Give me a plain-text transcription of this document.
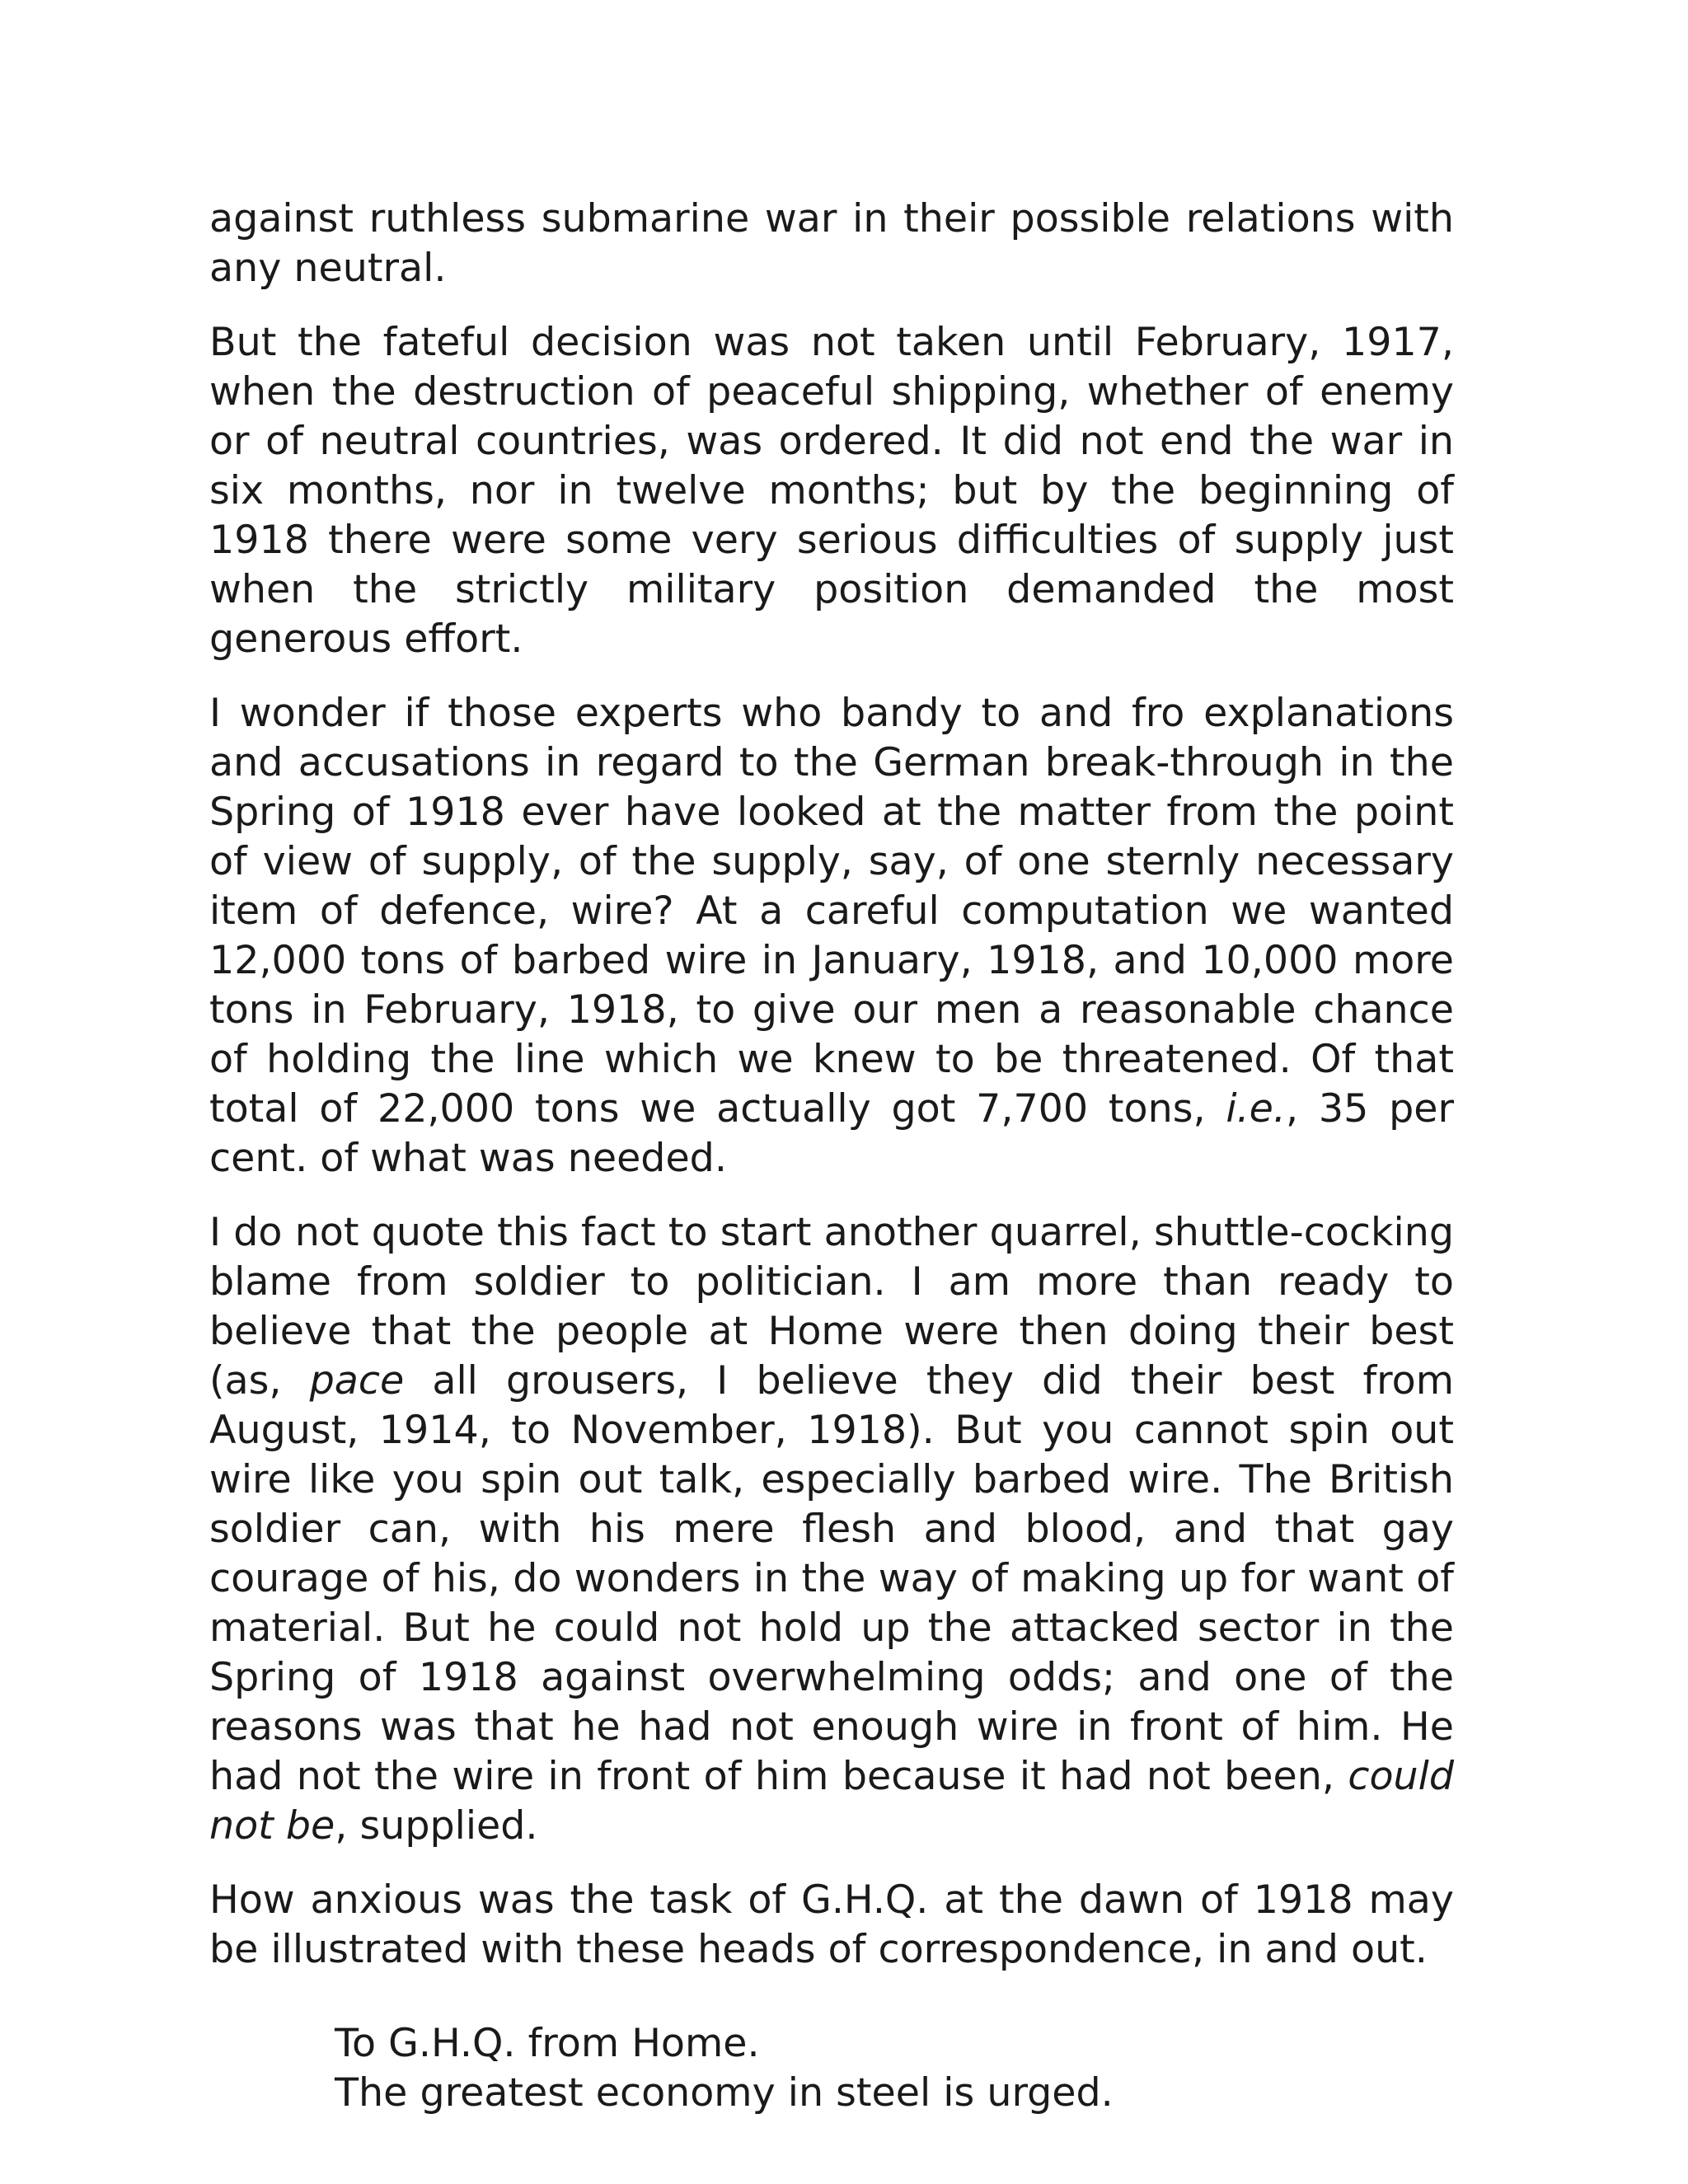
against ruthless submarine war in their possible relations with any neutral.

But the fateful decision was not taken until February, 1917, when the destruction of peaceful shipping, whether of enemy or of neutral countries, was ordered. It did not end the war in six months, nor in twelve months; but by the beginning of 1918 there were some very serious difficulties of supply just when the strictly military position demanded the most generous effort.

I wonder if those experts who bandy to and fro explanations and accusations in regard to the German break-through in the Spring of 1918 ever have looked at the matter from the point of view of supply, of the supply, say, of one sternly necessary item of defence, wire? At a careful computation we wanted 12,000 tons of barbed wire in January, 1918, and 10,000 more tons in February, 1918, to give our men a reasonable chance of holding the line which we knew to be threatened. Of that total of 22,000 tons we actually got 7,700 tons, i.e., 35 per cent. of what was needed.

I do not quote this fact to start another quarrel, shuttle-cocking blame from soldier to politician. I am more than ready to believe that the people at Home were then doing their best (as, pace all grousers, I believe they did their best from August, 1914, to November, 1918). But you cannot spin out wire like you spin out talk, especially barbed wire. The British soldier can, with his mere flesh and blood, and that gay courage of his, do wonders in the way of making up for want of material. But he could not hold up the attacked sector in the Spring of 1918 against overwhelming odds; and one of the reasons was that he had not enough wire in front of him. He had not the wire in front of him because it had not been, could not be, supplied.

How anxious was the task of G.H.Q. at the dawn of 1918 may be illustrated with these heads of correspondence, in and out.

To G.H.Q. from Home.
The greatest economy in steel is urged.
